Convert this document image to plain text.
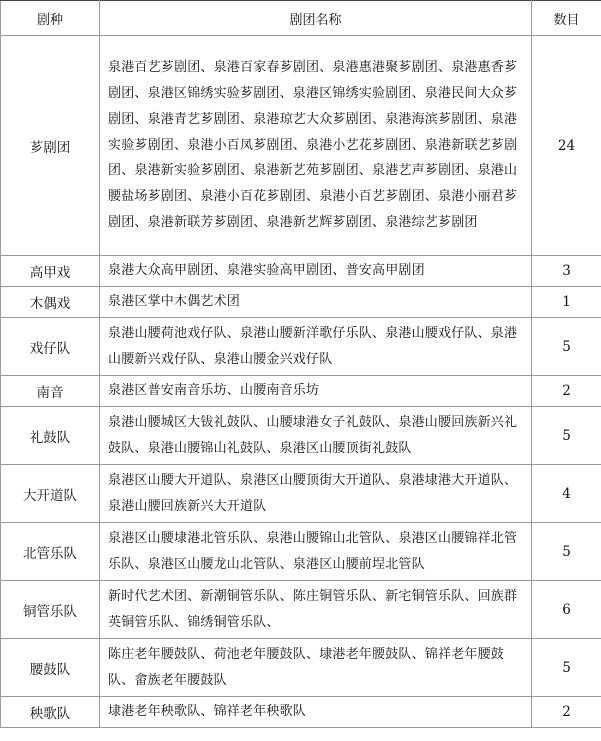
剧种	剧团名称	数目
芗剧团	泉港百艺芗剧团、泉港百家春芗剧团、泉港惠港聚芗剧团、泉港惠香芗剧团、泉港区锦绣实验芗剧团、泉港区锦绣实验剧团、泉港民间大众芗剧团、泉港青艺芗剧团、泉港琼艺大众芗剧团、泉港海滨芗剧团、泉港实验芗剧团、泉港小百凤芗剧团、泉港小艺花芗剧团、泉港新联艺芗剧团、泉港新实验芗剧团、泉港新艺苑芗剧团、泉港艺声芗剧团、泉港山腰盐场芗剧团、泉港小百花芗剧团、泉港小百艺芗剧团、泉港小丽君芗剧团、泉港新联芳芗剧团、泉港新艺辉芗剧团、泉港综艺芗剧团	24
高甲戏	泉港大众高甲剧团、泉港实验高甲剧团、普安高甲剧团	3
木偶戏	泉港区掌中木偶艺术团	1
戏仔队	泉港山腰荷池戏仔队、泉港山腰新洋歌仔乐队、泉港山腰戏仔队、泉港山腰新兴戏仔队、泉港山腰金兴戏仔队	5
南音	泉港区普安南音乐坊、山腰南音乐坊	2
礼鼓队	泉港山腰城区大钹礼鼓队、山腰埭港女子礼鼓队、泉港山腰回族新兴礼鼓队、泉港山腰锦山礼鼓队、泉港区山腰顶街礼鼓队	5
大开道队	泉港区山腰大开道队、泉港区山腰顶街大开道队、泉港埭港大开道队、泉港山腰回族新兴大开道队	4
北管乐队	泉港区山腰埭港北管乐队、泉港山腰锦山北管队、泉港区山腰锦祥北管乐队、泉港区山腰龙山北管队、泉港区山腰前埕北管队	5
铜管乐队	新时代艺术团、新潮铜管乐队、陈庄铜管乐队、新宅铜管乐队、回族群英铜管乐队、锦绣铜管乐队、	6
腰鼓队	陈庄老年腰鼓队、荷池老年腰鼓队、埭港老年腰鼓队、锦祥老年腰鼓队、畲族老年腰鼓队	5
秧歌队	埭港老年秧歌队、锦祥老年秧歌队	2
